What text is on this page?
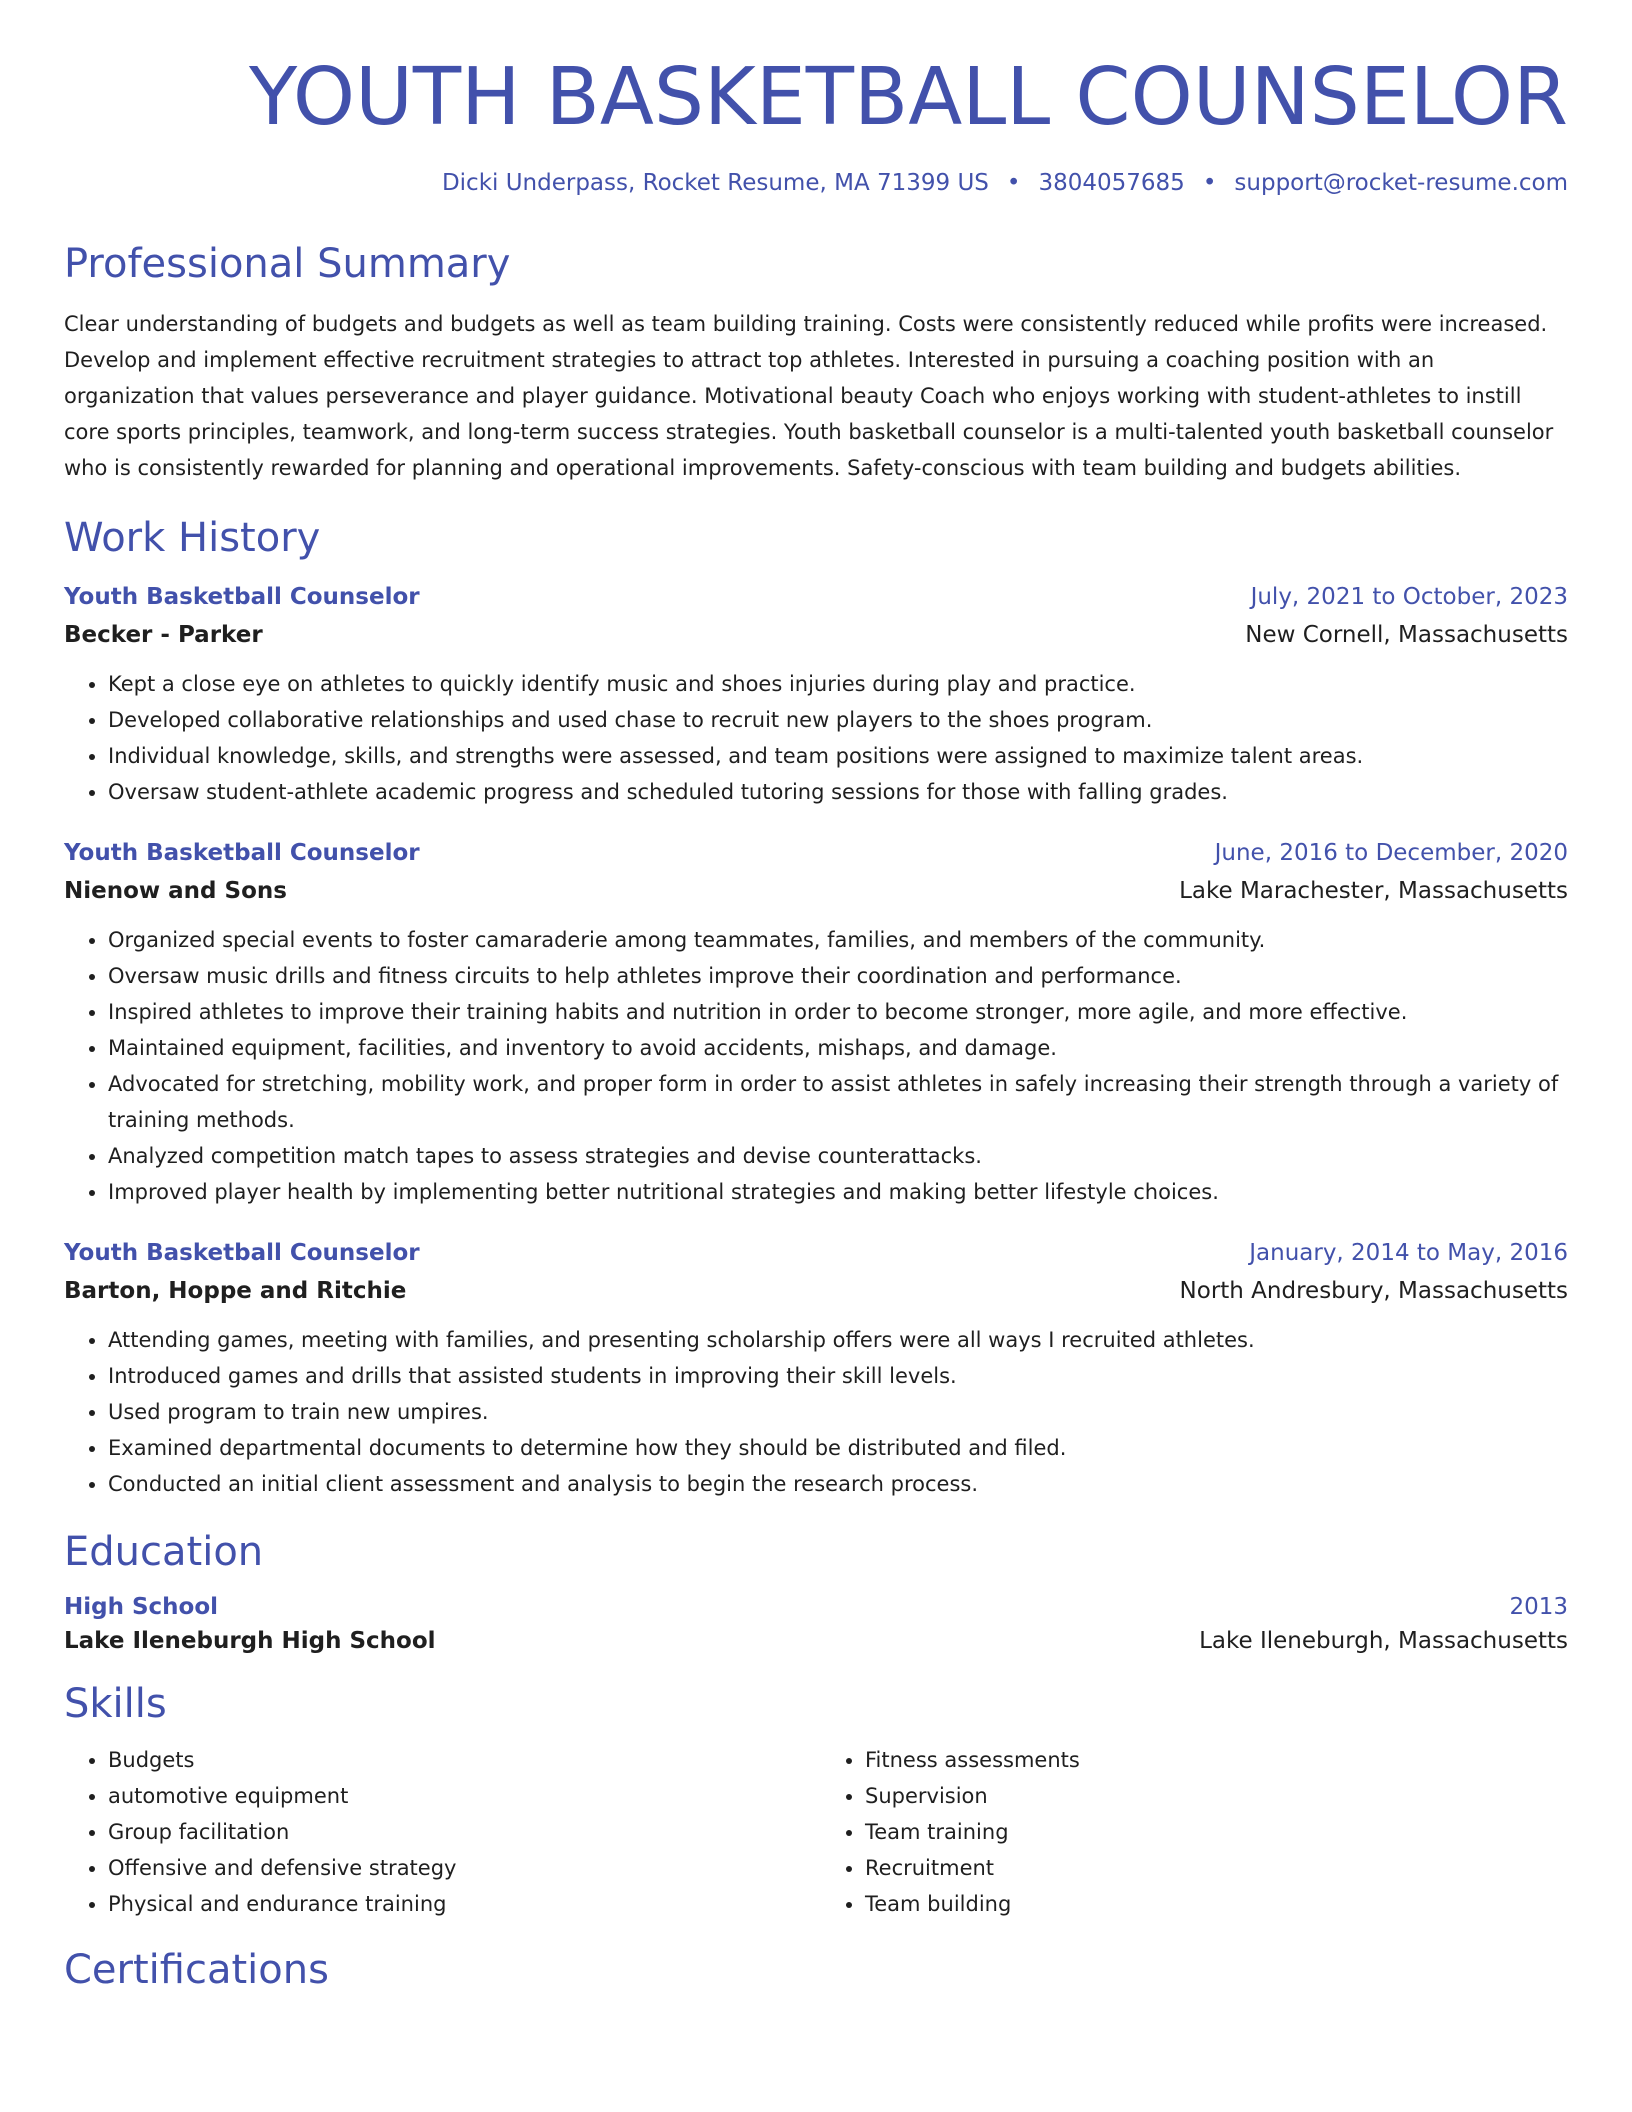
YOUTH BASKETBALL COUNSELOR
Dicki Underpass, Rocket Resume, MA 71399 US • 3804057685 • support@rocket-resume.com
Professional Summary
Clear understanding of budgets and budgets as well as team building training. Costs were consistently reduced while profits were increased. Develop and implement effective recruitment strategies to attract top athletes. Interested in pursuing a coaching position with an organization that values perseverance and player guidance. Motivational beauty Coach who enjoys working with student-athletes to instill core sports principles, teamwork, and long-term success strategies. Youth basketball counselor is a multi-talented youth basketball counselor who is consistently rewarded for planning and operational improvements. Safety-conscious with team building and budgets abilities.
Work History
Youth Basketball Counselor	July, 2021 to October, 2023
Becker - Parker	New Cornell, Massachusetts
• Kept a close eye on athletes to quickly identify music and shoes injuries during play and practice.
• Developed collaborative relationships and used chase to recruit new players to the shoes program.
• Individual knowledge, skills, and strengths were assessed, and team positions were assigned to maximize talent areas.
• Oversaw student-athlete academic progress and scheduled tutoring sessions for those with falling grades.
Youth Basketball Counselor	June, 2016 to December, 2020
Nienow and Sons	Lake Marachester, Massachusetts
• Organized special events to foster camaraderie among teammates, families, and members of the community.
• Oversaw music drills and fitness circuits to help athletes improve their coordination and performance.
• Inspired athletes to improve their training habits and nutrition in order to become stronger, more agile, and more effective.
• Maintained equipment, facilities, and inventory to avoid accidents, mishaps, and damage.
• Advocated for stretching, mobility work, and proper form in order to assist athletes in safely increasing their strength through a variety of training methods.
• Analyzed competition match tapes to assess strategies and devise counterattacks.
• Improved player health by implementing better nutritional strategies and making better lifestyle choices.
Youth Basketball Counselor	January, 2014 to May, 2016
Barton, Hoppe and Ritchie	North Andresbury, Massachusetts
• Attending games, meeting with families, and presenting scholarship offers were all ways I recruited athletes.
• Introduced games and drills that assisted students in improving their skill levels.
• Used program to train new umpires.
• Examined departmental documents to determine how they should be distributed and filed.
• Conducted an initial client assessment and analysis to begin the research process.
Education
High School	2013
Lake Ileneburgh High School	Lake Ileneburgh, Massachusetts
Skills
• Budgets
• automotive equipment
• Group facilitation
• Offensive and defensive strategy
• Physical and endurance training
• Fitness assessments
• Supervision
• Team training
• Recruitment
• Team building
Certifications
